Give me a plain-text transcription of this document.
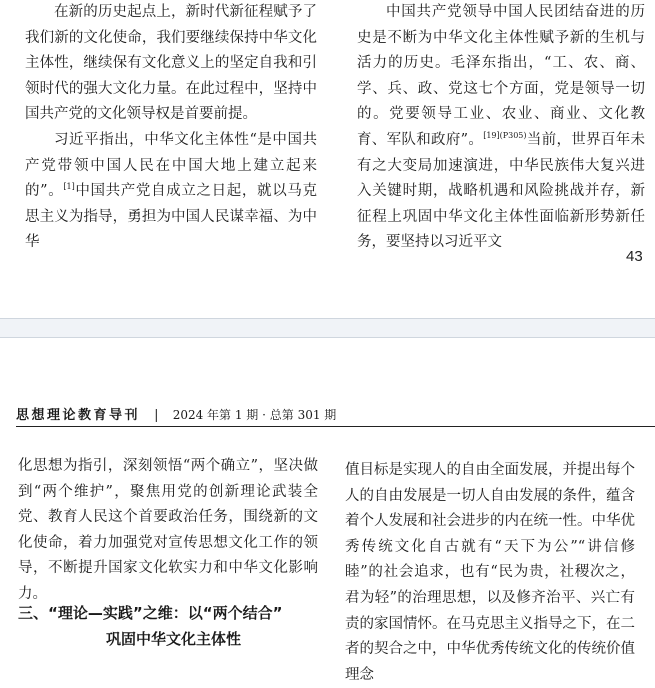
在新的历史起点上，新时代新征程赋予了我们新的文化使命，我们要继续保持中华文化主体性，继续保有文化意义上的坚定自我和引领时代的强大文化力量。在此过程中，坚持中国共产党的文化领导权是首要前提。

习近平指出，中华文化主体性“是中国共产党带领中国人民在中国大地上建立起来的”。[1]中国共产党自成立之日起，就以马克思主义为指导，勇担为中国人民谋幸福、为中华

中国共产党领导中国人民团结奋进的历史是不断为中华文化主体性赋予新的生机与活力的历史。毛泽东指出，“工、农、商、学、兵、政、党这七个方面，党是领导一切的。党要领导工业、农业、商业、文化教育、军队和政府”。$^{[19](P305)}$当前，世界百年未有之大变局加速演进，中华民族伟大复兴进入关键时期，战略机遇和风险挑战并存，新征程上巩固中华文化主体性面临新形势新任务，要坚持以习近平文

43
思想理论教育导刊 | 2024 年第 1 期 · 总第 301 期

化思想为指引，深刻领悟“两个确立”，坚决做到“两个维护”，聚焦用党的创新理论武装全党、教育人民这个首要政治任务，围绕新的文化使命，着力加强党对宣传思想文化工作的领导，不断提升国家文化软实力和中华文化影响力。

三、“理论—实践”之维：以“两个结合”
巩固中华文化主体性

值目标是实现人的自由全面发展，并提出每个人的自由发展是一切人自由发展的条件，蕴含着个人发展和社会进步的内在统一性。中华优秀传统文化自古就有“天下为公”“讲信修睦”的社会追求，也有“民为贵，社稷次之，君为轻”的治理思想，以及修齐治平、兴亡有责的家国情怀。在马克思主义指导之下，在二者的契合之中，中华优秀传统文化的传统价值理念
